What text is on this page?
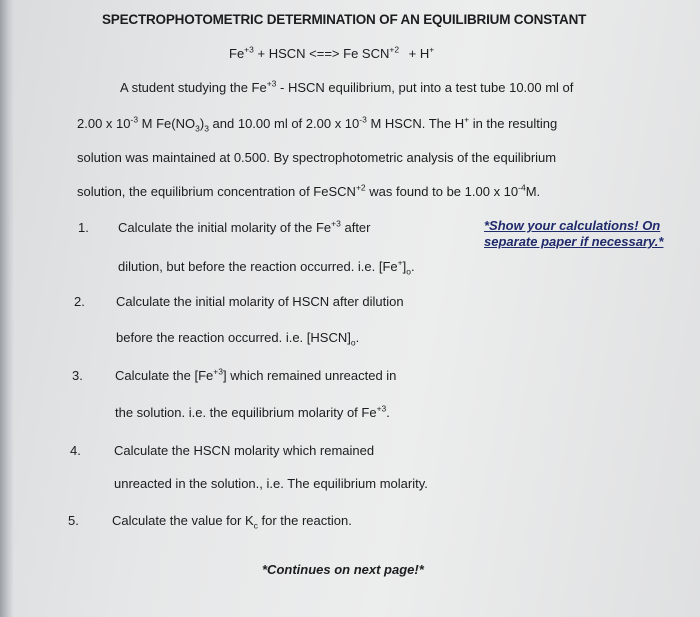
SPECTROPHOTOMETRIC DETERMINATION OF AN EQUILIBRIUM CONSTANT
$Fe^{+3}$ + HSCN <==> Fe $SCN^{+2} + H^+$
A student studying the $Fe^{+3}$ - HSCN equilibrium, put into a test tube 10.00 ml of
2.00 x $10^{-3}$ M $Fe(NO_3)_3$ and 10.00 ml of 2.00 x $10^{-3}$ M HSCN. The H+ in the resulting
solution was maintained at 0.500. By spectrophotometric analysis of the equilibrium
solution, the equilibrium concentration of FeSCN$^{+2}$ was found to be 1.00 x $10^{-4}M$.
1. Calculate the initial molarity of the $Fe^{+3}$ after
dilution, but before the reaction occurred. i.e. $[Fe^+]_o$.
*Show your calculations! On
separate paper if necessary.*
2. Calculate the initial molarity of HSCN after dilution
before the reaction occurred. i.e. $[HSCN]_o$.
3. Calculate the $[Fe^{+3}]$ which remained unreacted in
the solution. i.e. the equilibrium molarity of $Fe^{+3}$.
4.	Calculate the HSCN molarity which remained
unreacted in the solution., i.e. The equilibrium molarity.
5.	Calculate the value for $K_c$ for the reaction.
*Continues on next page!*
